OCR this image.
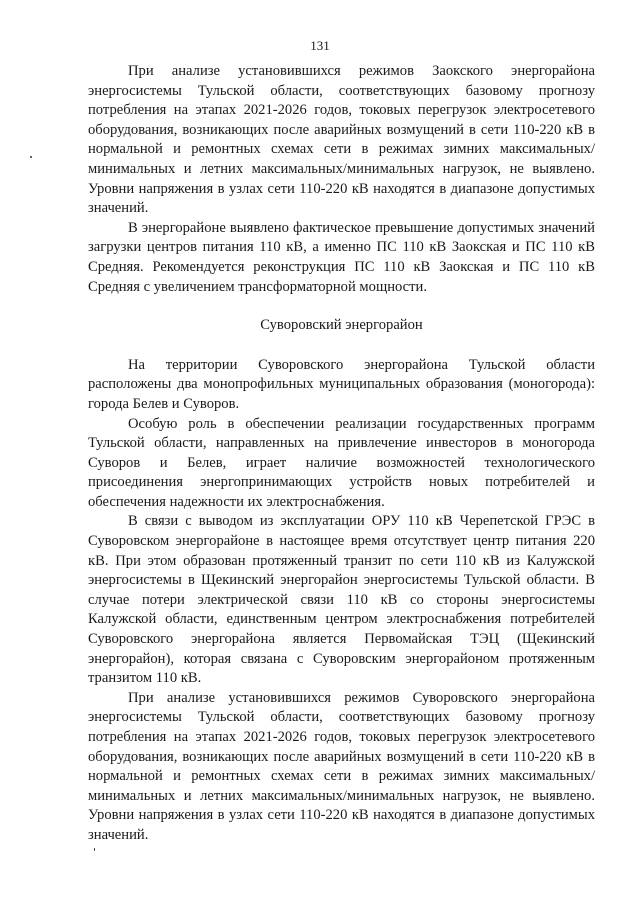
131

При анализе установившихся режимов Заокского энергорайона энергосистемы Тульской области, соответствующих базовому прогнозу потребления на этапах 2021-2026 годов, токовых перегрузок электросетевого оборудования, возникающих после аварийных возмущений в сети 110-220 кВ в нормальной и ремонтных схемах сети в режимах зимних максимальных/минимальных и летних максимальных/минимальных нагрузок, не выявлено. Уровни напряжения в узлах сети 110-220 кВ находятся в диапазоне допустимых значений.

В энергорайоне выявлено фактическое превышение допустимых значений загрузки центров питания 110 кВ, а именно ПС 110 кВ Заокская и ПС 110 кВ Средняя. Рекомендуется реконструкция ПС 110 кВ Заокская и ПС 110 кВ Средняя с увеличением трансформаторной мощности.

Суворовский энергорайон

На территории Суворовского энергорайона Тульской области расположены два монопрофильных муниципальных образования (моногорода): города Белев и Суворов.

Особую роль в обеспечении реализации государственных программ Тульской области, направленных на привлечение инвесторов в моногорода Суворов и Белев, играет наличие возможностей технологического присоединения энергопринимающих устройств новых потребителей и обеспечения надежности их электроснабжения.

В связи с выводом из эксплуатации ОРУ 110 кВ Черепетской ГРЭС в Суворовском энергорайоне в настоящее время отсутствует центр питания 220 кВ. При этом образован протяженный транзит по сети 110 кВ из Калужской энергосистемы в Щекинский энергорайон энергосистемы Тульской области. В случае потери электрической связи 110 кВ со стороны энергосистемы Калужской области, единственным центром электроснабжения потребителей Суворовского энергорайона является Первомайская ТЭЦ (Щекинский энергорайон), которая связана с Суворовским энергорайоном протяженным транзитом 110 кВ.

При анализе установившихся режимов Суворовского энергорайона энергосистемы Тульской области, соответствующих базовому прогнозу потребления на этапах 2021-2026 годов, токовых перегрузок электросетевого оборудования, возникающих после аварийных возмущений в сети 110-220 кВ в нормальной и ремонтных схемах сети в режимах зимних максимальных/минимальных и летних максимальных/минимальных нагрузок, не выявлено. Уровни напряжения в узлах сети 110-220 кВ находятся в диапазоне допустимых значений.
